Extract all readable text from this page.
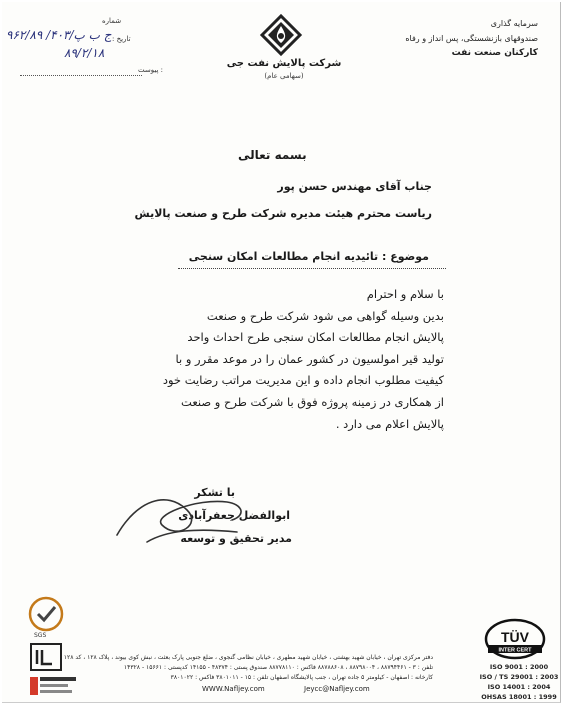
سرمایه گذاری
صندوقهای بازنشستگی، پس انداز و رفاه
کارکنان صنعت نفت
شرکت پالایش نفت جی
(سهامی عام)
شماره
تاریخ :
۹۶۲/۸۹ /۴۰۳/ج ب پ
۸۹/۲/۱۸
پیوست :
بسمه تعالی
جناب آقای مهندس حسن پور
ریاست محترم هیئت مدیره شرکت طرح و صنعت پالایش
موضوع : تائیدیه انجام مطالعات امکان سنجی
با سلام و احترام
بدین وسیله گواهی می شود شرکت طرح و صنعت
پالایش انجام مطالعات امکان سنجی طرح احداث واحد
تولید قیر امولسیون در کشور عمان را در موعد مقرر و با
کیفیت مطلوب انجام داده و این مدیریت مراتب رضایت خود
از همکاری در زمینه پروژه فوق با شرکت طرح و صنعت
پالایش اعلام می دارد .
با تشکر
ابوالفضل جعفرآبادی
مدیر تحقیق و توسعه
SGS
دفتر مرکزی تهران ، خیابان شهید بهشتی ، خیابان شهید مطهری ، خیابان نظامی گنجوی ، ضلع جنوبی پارک بعثت ، نبش کوی بیوند ، پلاک ۱۲۸ ، کد ۱۲۸
تلفن : ۳ - ۸۸۷۹۴۴۶۱ ، ۸۸۷۹۸۰۰۴ ، ۸۸۷۸۸۶۰۸ فاکس : ۸۸۷۷۸۱۱۰ صندوق پستی : ۴۸۳۷۴ - ۱۴۱۵۵ کدپستی : ۱۵۶۶۱ - ۱۴۳۲۸
کارخانه : اصفهان - کیلومتر ۵ جاده تهران ، جنب پالایشگاه اصفهان تلفن : ۱۵ - ۳۸۰۱۰۱۱ فاکس : ۳۸۰۱۰۲۲
WWW.Nafljey.com	Jeycc@Nafljey.com
TÜV
INTER CERT
ISO 9001 : 2000
ISO / TS 29001 : 2003
ISO 14001 : 2004
OHSAS 18001 : 1999
